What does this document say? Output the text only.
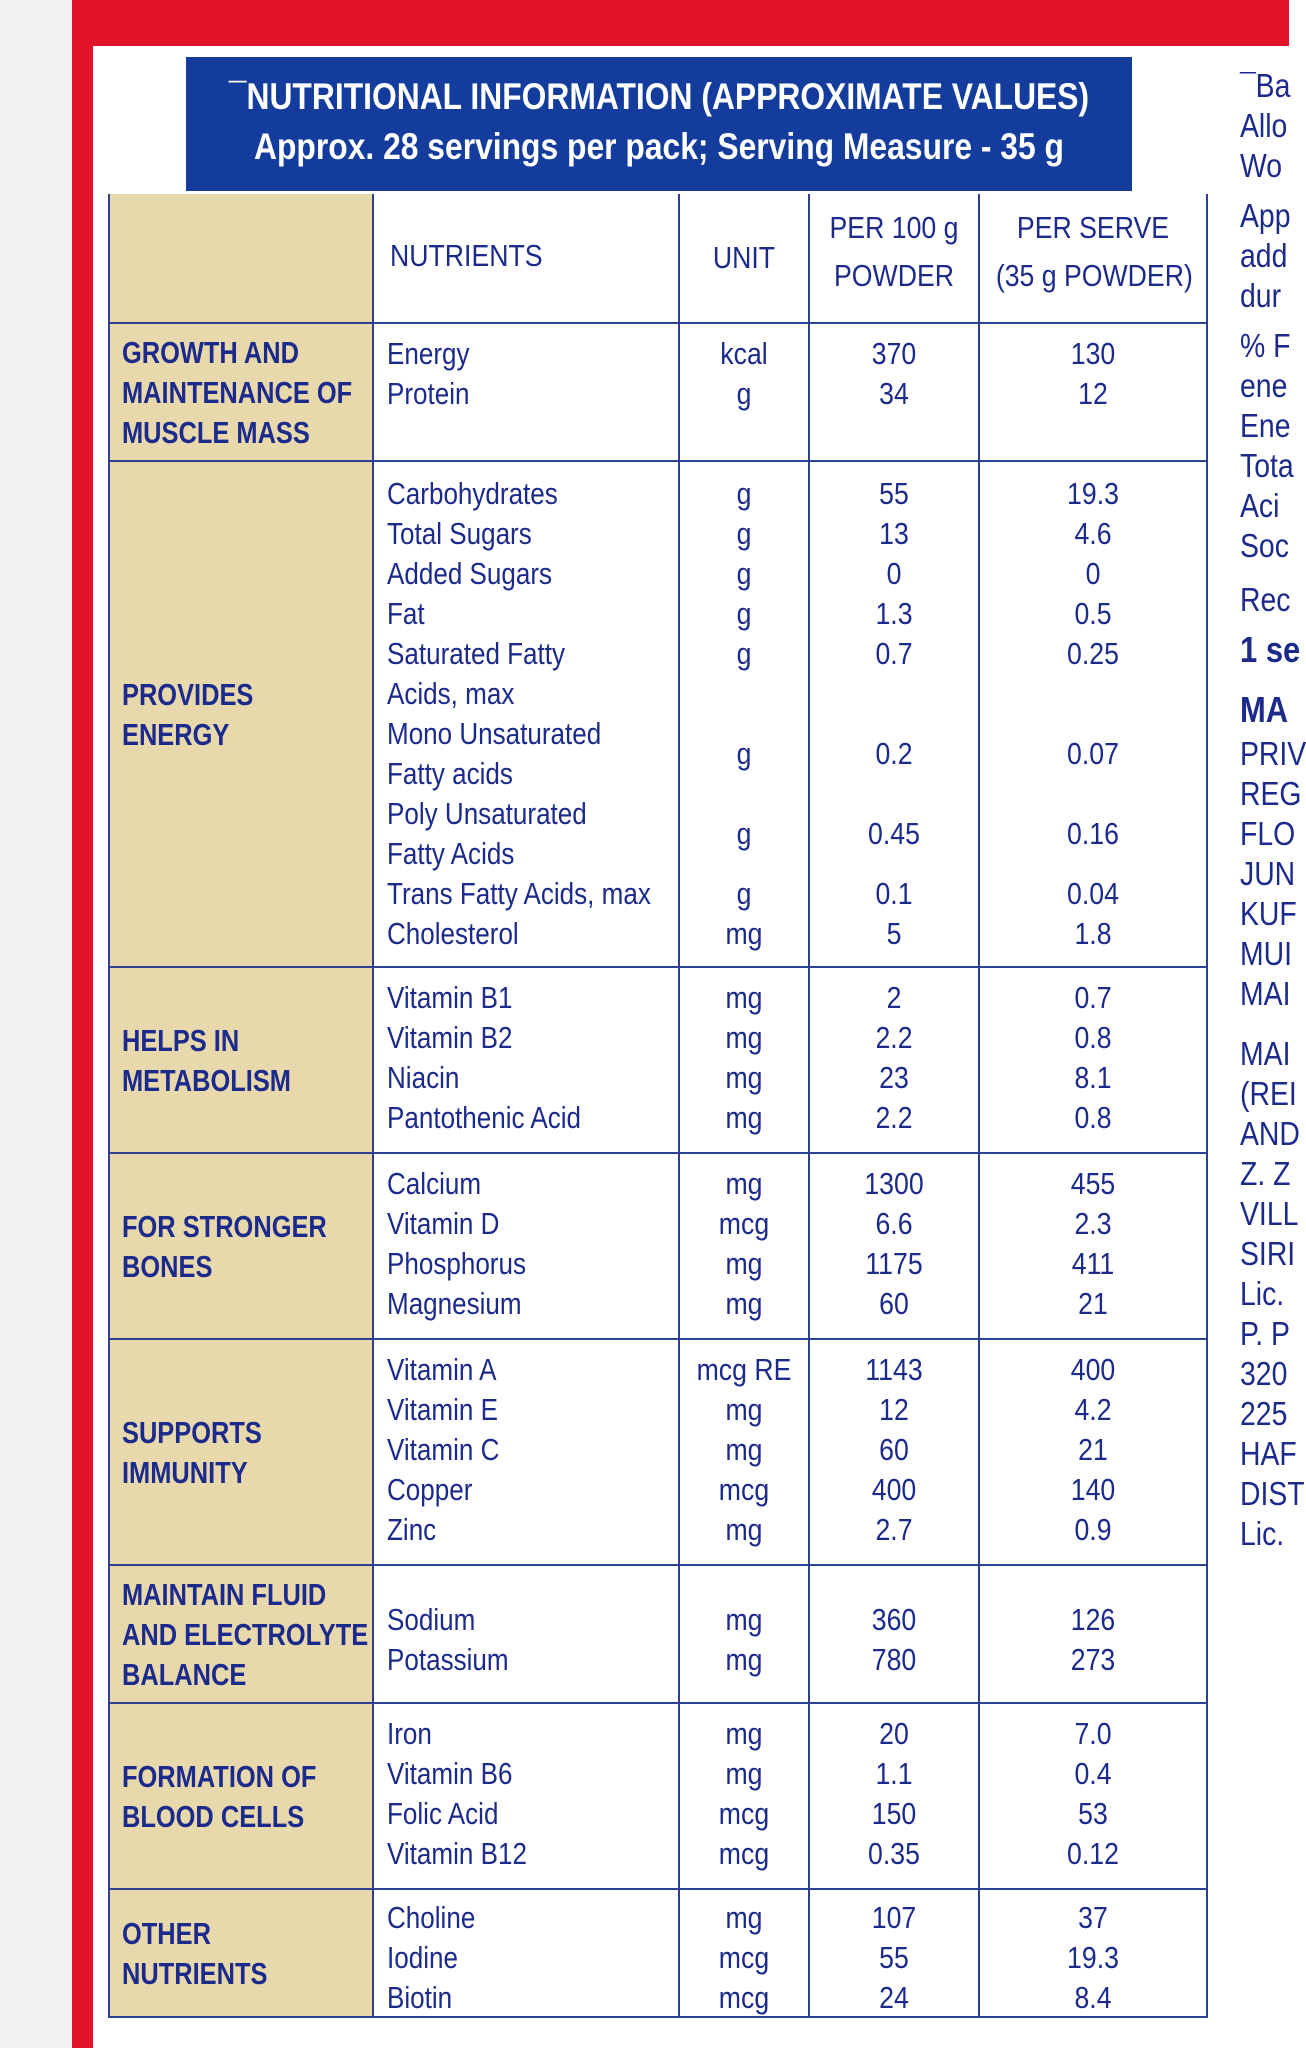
¯NUTRITIONAL INFORMATION (APPROXIMATE VALUES)
Approx. 28 servings per pack; Serving Measure - 35 g
NUTRIENTS	UNIT
PER 100 g
POWDER
PER SERVE
(35 g POWDER)
GROWTH AND
MAINTENANCE OF
MUSCLE MASS
Energy
Protein
kcal
g
370
34
130
12
PROVIDES
ENERGY
Carbohydrates
Total Sugars
Added Sugars
Fat
Saturated Fatty
Acids, max
Mono Unsaturated
Fatty acids
Poly Unsaturated
Fatty Acids
Trans Fatty Acids, max
Cholesterol
g
g
g
g
g
g
g
g
mg
55
13
0
1.3
0.7
0.2
0.45
0.1
5
19.3
4.6
0
0.5
0.25
0.07
0.16
0.04
1.8
HELPS IN
METABOLISM
Vitamin B1
Vitamin B2
Niacin
Pantothenic Acid
mg
mg
mg
mg
2
2.2
23
2.2
0.7
0.8
8.1
0.8
FOR STRONGER
BONES
Calcium
Vitamin D
Phosphorus
Magnesium
mg
mcg
mg
mg
1300
6.6
1175
60
455
2.3
411
21
SUPPORTS
IMMUNITY
Vitamin A
Vitamin E
Vitamin C
Copper
Zinc
mcg RE
mg
mg
mcg
mg
1143
12
60
400
2.7
400
4.2
21
140
0.9
MAINTAIN FLUID
AND ELECTROLYTE
BALANCE
Sodium
Potassium
mg
mg
360
780
126
273
FORMATION OF
BLOOD CELLS
Iron
Vitamin B6
Folic Acid
Vitamin B12
mg
mg
mcg
mcg
20
1.1
150
0.35
7.0
0.4
53
0.12
OTHER
NUTRIENTS
Choline
Iodine
Biotin
mg
mcg
mcg
107
55
24
37
19.3
8.4
¯Ba
Allo
Wo
App
add
dur
% F
ene
Ene
Tota
Aci
Soc
Rec
1 se
MA
PRIV
REG
FLO
JUN
KUF
MUI
MAI
MAI
(REI
AND
Z. Z
VILL
SIRI
Lic.
P. P
320
225
HAF
DIST
Lic.
